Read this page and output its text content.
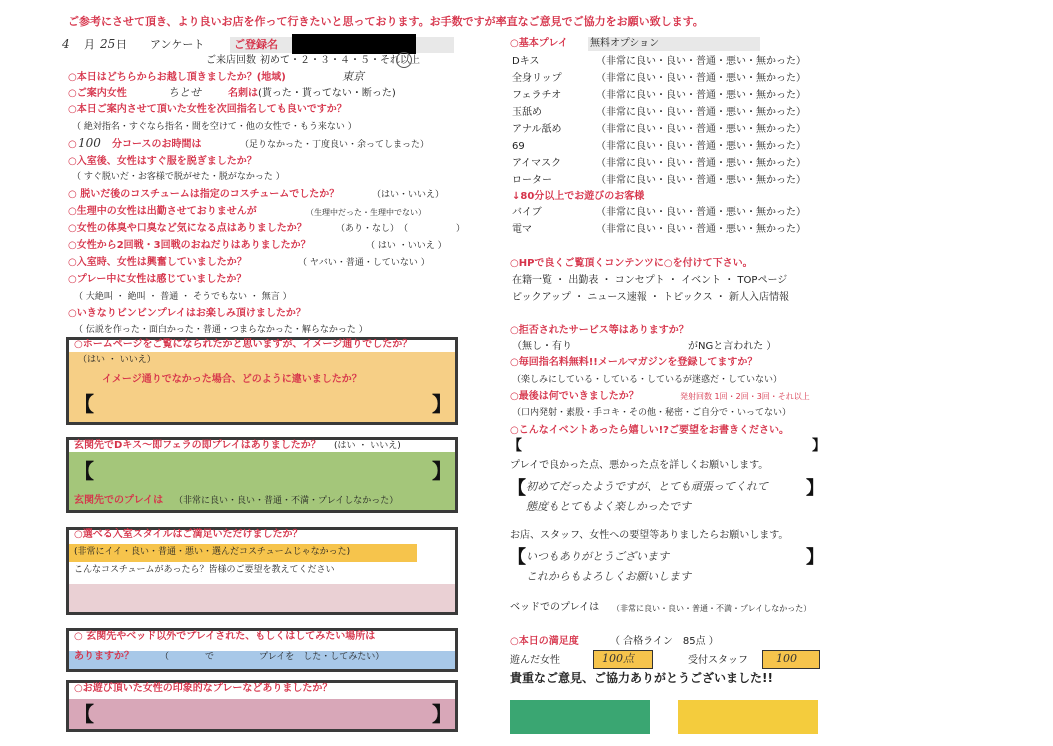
ご参考にさせて頂き、より良いお店を作って行きたいと思っております。お手数ですが率直なご意見でご協力をお願い致します。
4 月 25 日 アンケート	ご登録名
ご来店回数 初めて・２・３・４・５・それ以上
○本日はどちらからお越し頂きましたか？(地域)	東京
○ご案内女性	ちとせ	名刺は (貰った・貰ってない・断った)
○本日ご案内させて頂いた女性を次回指名しても良いですか？
（ 絶対指名・すぐなら指名・間を空けて・他の女性で・もう来ない ）
○ 100 分コースのお時間は	（足りなかった・丁度良い・余ってしまった）
○入室後、女性はすぐ服を脱ぎましたか？
（ すぐ脱いだ・お客様で脱がせた・脱がなかった ）
○ 脱いだ後のコスチュームは指定のコスチュームでしたか？	（はい・いいえ）
○生理中の女性は出勤させておりませんが	（生理中だった・生理中でない）
○女性の体臭や口臭など気になる点はありましたか？	（あり・なし）　（	）
○女性から2回戦・3回戦のおねだりはありましたか？	（ はい ・いいえ ）
○入室時、女性は興奮していましたか？	（ ヤバい・普通・していない ）
○プレー中に女性は感じていましたか？
（ 大絶叫 ・ 絶叫 ・ 普通 ・ そうでもない ・ 無言 ）
○いきなりビンビンプレイはお楽しみ頂けましたか？
（ 伝説を作った・面白かった・普通・つまらなかった・解らなかった ）
○ホームページをご覧になられたかと思いますが、イメージ通りでしたか？
（はい ・ いいえ）
イメージ通りでなかった場合、どのように違いましたか？
【	】
玄関先でDキス～即フェラの即プレイはありましたか？ (はい ・ いいえ)
【	】
玄関先でのプレイは （非常に良い・良い・普通・不満・プレイしなかった）
○選べる入室スタイルはご満足いただけましたか？
(非常にイイ・良い・普通・悪い・選んだコスチュームじゃなかった)
こんなコスチュームがあったら？皆様のご要望を教えてください
○ 玄関先やベッド以外でプレイされた、もしくはしてみたい場所は
ありますか？	（　　　　で　　　　　プレイを　した・してみたい）
○お遊び頂いた女性の印象的なプレーなどありましたか？
【	】
○基本プレイ 無料オプション
Dキス	（非常に良い・良い・普通・悪い・無かった）
全身リップ	（非常に良い・良い・普通・悪い・無かった）
フェラチオ	（非常に良い・良い・普通・悪い・無かった）
玉舐め	（非常に良い・良い・普通・悪い・無かった）
アナル舐め	（非常に良い・良い・普通・悪い・無かった）
69	（非常に良い・良い・普通・悪い・無かった）
アイマスク	（非常に良い・良い・普通・悪い・無かった）
ローター	（非常に良い・良い・普通・悪い・無かった）
↓80分以上でお遊びのお客様
バイブ	（非常に良い・良い・普通・悪い・無かった）
電マ	（非常に良い・良い・普通・悪い・無かった）
○HPで良くご覧頂くコンテンツに○を付けて下さい。
在籍一覧 ・ 出勤表 ・ コンセプト ・ イベント ・ TOPページ
ピックアップ ・ ニュース速報 ・ トピックス ・ 新人入店情報
○拒否されたサービス等はありますか？
（無し・有り	がNGと言われた ）
○毎回指名料無料!!メールマガジンを登録してますか？
（楽しみにしている・している・しているが迷惑だ・していない）
○最後は何でいきましたか？	発射回数 1回・2回・3回・それ以上
（口内発射・素股・手コキ・その他・秘密・ご自分で・いってない）
○こんなイベントあったら嬉しい!?ご要望をお書きください。
【	】
プレイで良かった点、悪かった点を詳しくお願いします。
【 初めてだったようですが、とても頑張ってくれて
態度もとてもよく楽しかったです
】
お店、スタッフ、女性への要望等ありましたらお願いします。
【 いつもありがとうございます
これからもよろしくお願いします
】
ベッドでのプレイは （非常に良い・良い・普通・不満・プレイしなかった）
○本日の満足度	（ 合格ライン　85点 ）
遊んだ女性	100点	受付スタッフ	100
貴重なご意見、ご協力ありがとうございました!!
